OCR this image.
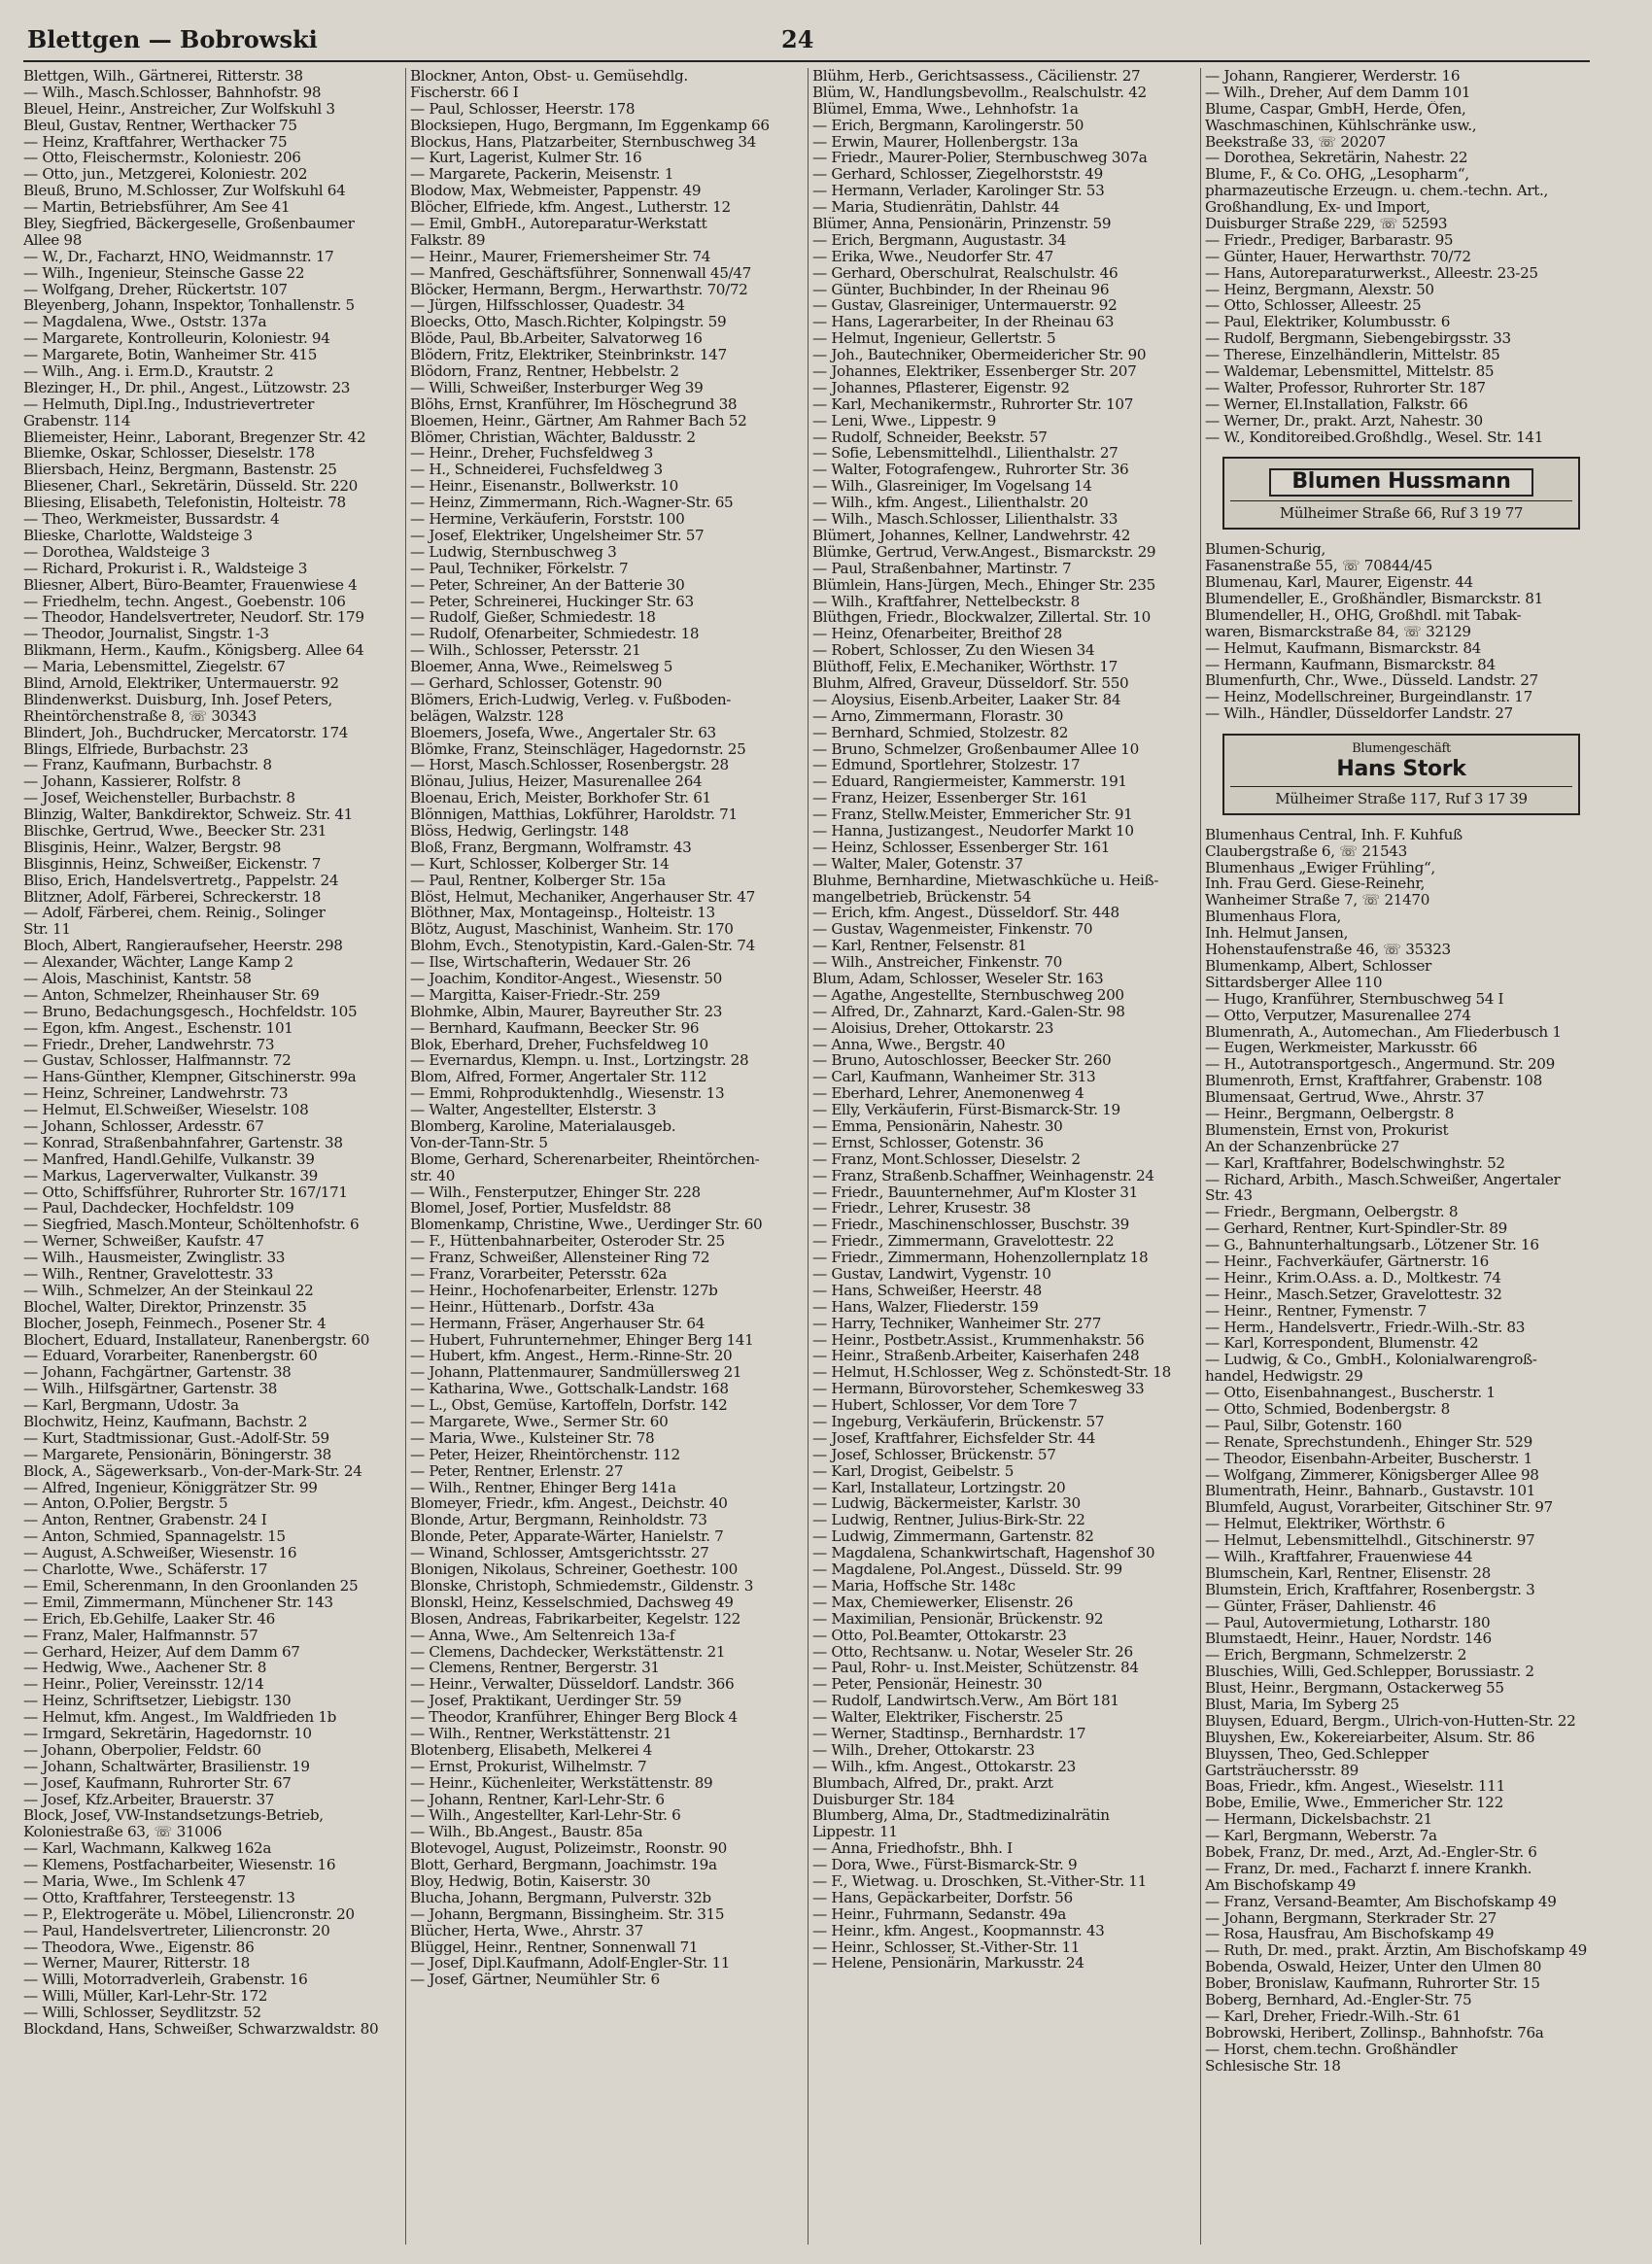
Blettgen — Bobrowski	24
Blettgen, Wilh., Gärtnerei, Ritterstr. 38
— Wilh., Masch.Schlosser, Bahnhofstr. 98
Bleuel, Heinr., Anstreicher, Zur Wolfskuhl 3
Bleul, Gustav, Rentner, Werthacker 75
— Heinz, Kraftfahrer, Werthacker 75
— Otto, Fleischermstr., Koloniestr. 206
— Otto, jun., Metzgerei, Koloniestr. 202
Bleuß, Bruno, M.Schlosser, Zur Wolfskuhl 64
— Martin, Betriebsführer, Am See 41
Bley, Siegfried, Bäckergeselle, Großenbaumer
Allee 98
— W., Dr., Facharzt, HNO, Weidmannstr. 17
— Wilh., Ingenieur, Steinsche Gasse 22
— Wolfgang, Dreher, Rückertstr. 107
Bleyenberg, Johann, Inspektor, Tonhallenstr. 5
— Magdalena, Wwe., Oststr. 137a
— Margarete, Kontrolleurin, Koloniestr. 94
— Margarete, Botin, Wanheimer Str. 415
— Wilh., Ang. i. Erm.D., Krautstr. 2
Blezinger, H., Dr. phil., Angest., Lützowstr. 23
— Helmuth, Dipl.Ing., Industrievertreter
Grabenstr. 114
Bliemeister, Heinr., Laborant, Bregenzer Str. 42
Bliemke, Oskar, Schlosser, Dieselstr. 178
Bliersbach, Heinz, Bergmann, Bastenstr. 25
Bliesener, Charl., Sekretärin, Düsseld. Str. 220
Bliesing, Elisabeth, Telefonistin, Holteistr. 78
— Theo, Werkmeister, Bussardstr. 4
Blieske, Charlotte, Waldsteige 3
— Dorothea, Waldsteige 3
— Richard, Prokurist i. R., Waldsteige 3
Bliesner, Albert, Büro-Beamter, Frauenwiese 4
— Friedhelm, techn. Angest., Goebenstr. 106
— Theodor, Handelsvertreter, Neudorf. Str. 179
— Theodor, Journalist, Singstr. 1-3
Blikmann, Herm., Kaufm., Königsberg. Allee 64
— Maria, Lebensmittel, Ziegelstr. 67
Blind, Arnold, Elektriker, Untermauerstr. 92
Blindenwerkst. Duisburg, Inh. Josef Peters,
Rheintörchenstraße 8, ☏ 30343
Blindert, Joh., Buchdrucker, Mercatorstr. 174
Blings, Elfriede, Burbachstr. 23
— Franz, Kaufmann, Burbachstr. 8
— Johann, Kassierer, Rolfstr. 8
— Josef, Weichensteller, Burbachstr. 8
Blinzig, Walter, Bankdirektor, Schweiz. Str. 41
Blischke, Gertrud, Wwe., Beecker Str. 231
Blisginis, Heinr., Walzer, Bergstr. 98
Blisginnis, Heinz, Schweißer, Eickenstr. 7
Bliso, Erich, Handelsvertretg., Pappelstr. 24
Blitzner, Adolf, Färberei, Schreckerstr. 18
— Adolf, Färberei, chem. Reinig., Solinger
Str. 11
Bloch, Albert, Rangieraufseher, Heerstr. 298
— Alexander, Wächter, Lange Kamp 2
— Alois, Maschinist, Kantstr. 58
— Anton, Schmelzer, Rheinhauser Str. 69
— Bruno, Bedachungsgesch., Hochfeldstr. 105
— Egon, kfm. Angest., Eschenstr. 101
— Friedr., Dreher, Landwehrstr. 73
— Gustav, Schlosser, Halfmannstr. 72
— Hans-Günther, Klempner, Gitschinerstr. 99a
— Heinz, Schreiner, Landwehrstr. 73
— Helmut, El.Schweißer, Wieselstr. 108
— Johann, Schlosser, Ardesstr. 67
— Konrad, Straßenbahnfahrer, Gartenstr. 38
— Manfred, Handl.Gehilfe, Vulkanstr. 39
— Markus, Lagerverwalter, Vulkanstr. 39
— Otto, Schiffsführer, Ruhrorter Str. 167/171
— Paul, Dachdecker, Hochfeldstr. 109
— Siegfried, Masch.Monteur, Schöltenhofstr. 6
— Werner, Schweißer, Kaufstr. 47
— Wilh., Hausmeister, Zwinglistr. 33
— Wilh., Rentner, Gravelottestr. 33
— Wilh., Schmelzer, An der Steinkaul 22
Blochel, Walter, Direktor, Prinzenstr. 35
Blocher, Joseph, Feinmech., Posener Str. 4
Blochert, Eduard, Installateur, Ranenbergstr. 60
— Eduard, Vorarbeiter, Ranenbergstr. 60
— Johann, Fachgärtner, Gartenstr. 38
— Wilh., Hilfsgärtner, Gartenstr. 38
— Karl, Bergmann, Udostr. 3a
Blochwitz, Heinz, Kaufmann, Bachstr. 2
— Kurt, Stadtmissionar, Gust.-Adolf-Str. 59
— Margarete, Pensionärin, Böningerstr. 38
Block, A., Sägewerksarb., Von-der-Mark-Str. 24
— Alfred, Ingenieur, Königgrätzer Str. 99
— Anton, O.Polier, Bergstr. 5
— Anton, Rentner, Grabenstr. 24 I
— Anton, Schmied, Spannagelstr. 15
— August, A.Schweißer, Wiesenstr. 16
— Charlotte, Wwe., Schäferstr. 17
— Emil, Scherenmann, In den Groonlanden 25
— Emil, Zimmermann, Münchener Str. 143
— Erich, Eb.Gehilfe, Laaker Str. 46
— Franz, Maler, Halfmannstr. 57
— Gerhard, Heizer, Auf dem Damm 67
— Hedwig, Wwe., Aachener Str. 8
— Heinr., Polier, Vereinsstr. 12/14
— Heinz, Schriftsetzer, Liebigstr. 130
— Helmut, kfm. Angest., Im Waldfrieden 1b
— Irmgard, Sekretärin, Hagedornstr. 10
— Johann, Oberpolier, Feldstr. 60
— Johann, Schaltwärter, Brasilienstr. 19
— Josef, Kaufmann, Ruhrorter Str. 67
— Josef, Kfz.Arbeiter, Brauerstr. 37
Block, Josef, VW-Instandsetzungs-Betrieb,
Koloniestraße 63, ☏ 31006
— Karl, Wachmann, Kalkweg 162a
— Klemens, Postfacharbeiter, Wiesenstr. 16
— Maria, Wwe., Im Schlenk 47
— Otto, Kraftfahrer, Tersteegenstr. 13
— P., Elektrogeräte u. Möbel, Liliencronstr. 20
— Paul, Handelsvertreter, Liliencronstr. 20
— Theodora, Wwe., Eigenstr. 86
— Werner, Maurer, Ritterstr. 18
— Willi, Motorradverleih, Grabenstr. 16
— Willi, Müller, Karl-Lehr-Str. 172
— Willi, Schlosser, Seydlitzstr. 52
Blockdand, Hans, Schweißer, Schwarzwaldstr. 80
Blockner, Anton, Obst- u. Gemüsehdlg.
Fischerstr. 66 I
— Paul, Schlosser, Heerstr. 178
Blocksiepen, Hugo, Bergmann, Im Eggenkamp 66
Blockus, Hans, Platzarbeiter, Sternbuschweg 34
— Kurt, Lagerist, Kulmer Str. 16
— Margarete, Packerin, Meisenstr. 1
Blodow, Max, Webmeister, Pappenstr. 49
Blöcher, Elfriede, kfm. Angest., Lutherstr. 12
— Emil, GmbH., Autoreparatur-Werkstatt
Falkstr. 89
— Heinr., Maurer, Friemersheimer Str. 74
— Manfred, Geschäftsführer, Sonnenwall 45/47
Blöcker, Hermann, Bergm., Herwarthstr. 70/72
— Jürgen, Hilfsschlosser, Quadestr. 34
Bloecks, Otto, Masch.Richter, Kolpingstr. 59
Blöde, Paul, Bb.Arbeiter, Salvatorweg 16
Blödern, Fritz, Elektriker, Steinbrinkstr. 147
Blödorn, Franz, Rentner, Hebbelstr. 2
— Willi, Schweißer, Insterburger Weg 39
Blöhs, Ernst, Kranführer, Im Höschegrund 38
Bloemen, Heinr., Gärtner, Am Rahmer Bach 52
Blömer, Christian, Wächter, Baldusstr. 2
— Heinr., Dreher, Fuchsfeldweg 3
— H., Schneiderei, Fuchsfeldweg 3
— Heinr., Eisenanstr., Bollwerkstr. 10
— Heinz, Zimmermann, Rich.-Wagner-Str. 65
— Hermine, Verkäuferin, Forststr. 100
— Josef, Elektriker, Ungelsheimer Str. 57
— Ludwig, Sternbuschweg 3
— Paul, Techniker, Förkelstr. 7
— Peter, Schreiner, An der Batterie 30
— Peter, Schreinerei, Huckinger Str. 63
— Rudolf, Gießer, Schmiedestr. 18
— Rudolf, Ofenarbeiter, Schmiedestr. 18
— Wilh., Schlosser, Petersstr. 21
Bloemer, Anna, Wwe., Reimelsweg 5
— Gerhard, Schlosser, Gotenstr. 90
Blömers, Erich-Ludwig, Verleg. v. Fußboden-
belägen, Walzstr. 128
Bloemers, Josefa, Wwe., Angertaler Str. 63
Blömke, Franz, Steinschläger, Hagedornstr. 25
— Horst, Masch.Schlosser, Rosenbergstr. 28
Blönau, Julius, Heizer, Masurenallee 264
Bloenau, Erich, Meister, Borkhofer Str. 61
Blönnigen, Matthias, Lokführer, Haroldstr. 71
Blöss, Hedwig, Gerlingstr. 148
Bloß, Franz, Bergmann, Wolframstr. 43
— Kurt, Schlosser, Kolberger Str. 14
— Paul, Rentner, Kolberger Str. 15a
Blöst, Helmut, Mechaniker, Angerhauser Str. 47
Blöthner, Max, Montageinsp., Holteistr. 13
Blötz, August, Maschinist, Wanheim. Str. 170
Blohm, Evch., Stenotypistin, Kard.-Galen-Str. 74
— Ilse, Wirtschafterin, Wedauer Str. 26
— Joachim, Konditor-Angest., Wiesenstr. 50
— Margitta, Kaiser-Friedr.-Str. 259
Blohmke, Albin, Maurer, Bayreuther Str. 23
— Bernhard, Kaufmann, Beecker Str. 96
Blok, Eberhard, Dreher, Fuchsfeldweg 10
— Evernardus, Klempn. u. Inst., Lortzingstr. 28
Blom, Alfred, Former, Angertaler Str. 112
— Emmi, Rohproduktenhdlg., Wiesenstr. 13
— Walter, Angestellter, Elsterstr. 3
Blomberg, Karoline, Materialausgeb.
Von-der-Tann-Str. 5
Blome, Gerhard, Scherenarbeiter, Rheintörchen-
str. 40
— Wilh., Fensterputzer, Ehinger Str. 228
Blomel, Josef, Portier, Musfeldstr. 88
Blomenkamp, Christine, Wwe., Uerdinger Str. 60
— F., Hüttenbahnarbeiter, Osteroder Str. 25
— Franz, Schweißer, Allensteiner Ring 72
— Franz, Vorarbeiter, Petersstr. 62a
— Heinr., Hochofenarbeiter, Erlenstr. 127b
— Heinr., Hüttenarb., Dorfstr. 43a
— Hermann, Fräser, Angerhauser Str. 64
— Hubert, Fuhrunternehmer, Ehinger Berg 141
— Hubert, kfm. Angest., Herm.-Rinne-Str. 20
— Johann, Plattenmaurer, Sandmüllersweg 21
— Katharina, Wwe., Gottschalk-Landstr. 168
— L., Obst, Gemüse, Kartoffeln, Dorfstr. 142
— Margarete, Wwe., Sermer Str. 60
— Maria, Wwe., Kulsteiner Str. 78
— Peter, Heizer, Rheintörchenstr. 112
— Peter, Rentner, Erlenstr. 27
— Wilh., Rentner, Ehinger Berg 141a
Blomeyer, Friedr., kfm. Angest., Deichstr. 40
Blonde, Artur, Bergmann, Reinholdstr. 73
Blonde, Peter, Apparate-Wärter, Hanielstr. 7
— Winand, Schlosser, Amtsgerichtsstr. 27
Blonigen, Nikolaus, Schreiner, Goethestr. 100
Blonske, Christoph, Schmiedemstr., Gildenstr. 3
Blonskl, Heinz, Kesselschmied, Dachsweg 49
Blosen, Andreas, Fabrikarbeiter, Kegelstr. 122
— Anna, Wwe., Am Seltenreich 13a-f
— Clemens, Dachdecker, Werkstättenstr. 21
— Clemens, Rentner, Bergerstr. 31
— Heinr., Verwalter, Düsseldorf. Landstr. 366
— Josef, Praktikant, Uerdinger Str. 59
— Theodor, Kranführer, Ehinger Berg Block 4
— Wilh., Rentner, Werkstättenstr. 21
Blotenberg, Elisabeth, Melkerei 4
— Ernst, Prokurist, Wilhelmstr. 7
— Heinr., Küchenleiter, Werkstättenstr. 89
— Johann, Rentner, Karl-Lehr-Str. 6
— Wilh., Angestellter, Karl-Lehr-Str. 6
— Wilh., Bb.Angest., Baustr. 85a
Blotevogel, August, Polizeimstr., Roonstr. 90
Blott, Gerhard, Bergmann, Joachimstr. 19a
Bloy, Hedwig, Botin, Kaiserstr. 30
Blucha, Johann, Bergmann, Pulverstr. 32b
— Johann, Bergmann, Bissingheim. Str. 315
Blücher, Herta, Wwe., Ahrstr. 37
Blüggel, Heinr., Rentner, Sonnenwall 71
— Josef, Dipl.Kaufmann, Adolf-Engler-Str. 11
— Josef, Gärtner, Neumühler Str. 6
Blühm, Herb., Gerichtsassess., Cäcilienstr. 27
Blüm, W., Handlungsbevollm., Realschulstr. 42
Blümel, Emma, Wwe., Lehnhofstr. 1a
— Erich, Bergmann, Karolingerstr. 50
— Erwin, Maurer, Hollenbergstr. 13a
— Friedr., Maurer-Polier, Sternbuschweg 307a
— Gerhard, Schlosser, Ziegelhorststr. 49
— Hermann, Verlader, Karolinger Str. 53
— Maria, Studienrätin, Dahlstr. 44
Blümer, Anna, Pensionärin, Prinzenstr. 59
— Erich, Bergmann, Augustastr. 34
— Erika, Wwe., Neudorfer Str. 47
— Gerhard, Oberschulrat, Realschulstr. 46
— Günter, Buchbinder, In der Rheinau 96
— Gustav, Glasreiniger, Untermauerstr. 92
— Hans, Lagerarbeiter, In der Rheinau 63
— Helmut, Ingenieur, Gellertstr. 5
— Joh., Bautechniker, Obermeidericher Str. 90
— Johannes, Elektriker, Essenberger Str. 207
— Johannes, Pflasterer, Eigenstr. 92
— Karl, Mechanikermstr., Ruhrorter Str. 107
— Leni, Wwe., Lippestr. 9
— Rudolf, Schneider, Beekstr. 57
— Sofie, Lebensmittelhdl., Lilienthalstr. 27
— Walter, Fotografengew., Ruhrorter Str. 36
— Wilh., Glasreiniger, Im Vogelsang 14
— Wilh., kfm. Angest., Lilienthalstr. 20
— Wilh., Masch.Schlosser, Lilienthalstr. 33
Blümert, Johannes, Kellner, Landwehrstr. 42
Blümke, Gertrud, Verw.Angest., Bismarckstr. 29
— Paul, Straßenbahner, Martinstr. 7
Blümlein, Hans-Jürgen, Mech., Ehinger Str. 235
— Wilh., Kraftfahrer, Nettelbeckstr. 8
Blüthgen, Friedr., Blockwalzer, Zillertal. Str. 10
— Heinz, Ofenarbeiter, Breithof 28
— Robert, Schlosser, Zu den Wiesen 34
Blüthoff, Felix, E.Mechaniker, Wörthstr. 17
Bluhm, Alfred, Graveur, Düsseldorf. Str. 550
— Aloysius, Eisenb.Arbeiter, Laaker Str. 84
— Arno, Zimmermann, Florastr. 30
— Bernhard, Schmied, Stolzestr. 82
— Bruno, Schmelzer, Großenbaumer Allee 10
— Edmund, Sportlehrer, Stolzestr. 17
— Eduard, Rangiermeister, Kammerstr. 191
— Franz, Heizer, Essenberger Str. 161
— Franz, Stellw.Meister, Emmericher Str. 91
— Hanna, Justizangest., Neudorfer Markt 10
— Heinz, Schlosser, Essenberger Str. 161
— Walter, Maler, Gotenstr. 37
Bluhme, Bernhardine, Mietwaschküche u. Heiß-
mangelbetrieb, Brückenstr. 54
— Erich, kfm. Angest., Düsseldorf. Str. 448
— Gustav, Wagenmeister, Finkenstr. 70
— Karl, Rentner, Felsenstr. 81
— Wilh., Anstreicher, Finkenstr. 70
Blum, Adam, Schlosser, Weseler Str. 163
— Agathe, Angestellte, Sternbuschweg 200
— Alfred, Dr., Zahnarzt, Kard.-Galen-Str. 98
— Aloisius, Dreher, Ottokarstr. 23
— Anna, Wwe., Bergstr. 40
— Bruno, Autoschlosser, Beecker Str. 260
— Carl, Kaufmann, Wanheimer Str. 313
— Eberhard, Lehrer, Anemonenweg 4
— Elly, Verkäuferin, Fürst-Bismarck-Str. 19
— Emma, Pensionärin, Nahestr. 30
— Ernst, Schlosser, Gotenstr. 36
— Franz, Mont.Schlosser, Dieselstr. 2
— Franz, Straßenb.Schaffner, Weinhagenstr. 24
— Friedr., Bauunternehmer, Auf'm Kloster 31
— Friedr., Lehrer, Krusestr. 38
— Friedr., Maschinenschlosser, Buschstr. 39
— Friedr., Zimmermann, Gravelottestr. 22
— Friedr., Zimmermann, Hohenzollernplatz 18
— Gustav, Landwirt, Vygenstr. 10
— Hans, Schweißer, Heerstr. 48
— Hans, Walzer, Fliederstr. 159
— Harry, Techniker, Wanheimer Str. 277
— Heinr., Postbetr.Assist., Krummenhakstr. 56
— Heinr., Straßenb.Arbeiter, Kaiserhafen 248
— Helmut, H.Schlosser, Weg z. Schönstedt-Str. 18
— Hermann, Bürovorsteher, Schemkesweg 33
— Hubert, Schlosser, Vor dem Tore 7
— Ingeburg, Verkäuferin, Brückenstr. 57
— Josef, Kraftfahrer, Eichsfelder Str. 44
— Josef, Schlosser, Brückenstr. 57
— Karl, Drogist, Geibelstr. 5
— Karl, Installateur, Lortzingstr. 20
— Ludwig, Bäckermeister, Karlstr. 30
— Ludwig, Rentner, Julius-Birk-Str. 22
— Ludwig, Zimmermann, Gartenstr. 82
— Magdalena, Schankwirtschaft, Hagenshof 30
— Magdalene, Pol.Angest., Düsseld. Str. 99
— Maria, Hoffsche Str. 148c
— Max, Chemiewerker, Elisenstr. 26
— Maximilian, Pensionär, Brückenstr. 92
— Otto, Pol.Beamter, Ottokarstr. 23
— Otto, Rechtsanw. u. Notar, Weseler Str. 26
— Paul, Rohr- u. Inst.Meister, Schützenstr. 84
— Peter, Pensionär, Heinestr. 30
— Rudolf, Landwirtsch.Verw., Am Bört 181
— Walter, Elektriker, Fischerstr. 25
— Werner, Stadtinsp., Bernhardstr. 17
— Wilh., Dreher, Ottokarstr. 23
— Wilh., kfm. Angest., Ottokarstr. 23
Blumbach, Alfred, Dr., prakt. Arzt
Duisburger Str. 184
Blumberg, Alma, Dr., Stadtmedizinalrätin
Lippestr. 11
— Anna, Friedhofstr., Bhh. I
— Dora, Wwe., Fürst-Bismarck-Str. 9
— F., Wietwag. u. Droschken, St.-Vither-Str. 11
— Hans, Gepäckarbeiter, Dorfstr. 56
— Heinr., Fuhrmann, Sedanstr. 49a
— Heinr., kfm. Angest., Koopmannstr. 43
— Heinr., Schlosser, St.-Vither-Str. 11
— Helene, Pensionärin, Markusstr. 24
— Johann, Rangierer, Werderstr. 16
— Wilh., Dreher, Auf dem Damm 101
Blume, Caspar, GmbH, Herde, Öfen,
Waschmaschinen, Kühlschränke usw.,
Beekstraße 33, ☏ 20207
— Dorothea, Sekretärin, Nahestr. 22
Blume, F., & Co. OHG, „Lesopharm“,
pharmazeutische Erzeugn. u. chem.-techn. Art.,
Großhandlung, Ex- und Import,
Duisburger Straße 229, ☏ 52593
— Friedr., Prediger, Barbarastr. 95
— Günter, Hauer, Herwarthstr. 70/72
— Hans, Autoreparaturwerkst., Alleestr. 23-25
— Heinz, Bergmann, Alexstr. 50
— Otto, Schlosser, Alleestr. 25
— Paul, Elektriker, Kolumbusstr. 6
— Rudolf, Bergmann, Siebengebirgsstr. 33
— Therese, Einzelhändlerin, Mittelstr. 85
— Waldemar, Lebensmittel, Mittelstr. 85
— Walter, Professor, Ruhrorter Str. 187
— Werner, El.Installation, Falkstr. 66
— Werner, Dr., prakt. Arzt, Nahestr. 30
— W., Konditoreibed.Großhdlg., Wesel. Str. 141
Blumen Hussmann
Mülheimer Straße 66, Ruf 3 19 77
Blumen-Schurig,
Fasanenstraße 55, ☏ 70844/45
Blumenau, Karl, Maurer, Eigenstr. 44
Blumendeller, E., Großhändler, Bismarckstr. 81
Blumendeller, H., OHG, Großhdl. mit Tabak-
waren, Bismarckstraße 84, ☏ 32129
— Helmut, Kaufmann, Bismarckstr. 84
— Hermann, Kaufmann, Bismarckstr. 84
Blumenfurth, Chr., Wwe., Düsseld. Landstr. 27
— Heinz, Modellschreiner, Burgeindlanstr. 17
— Wilh., Händler, Düsseldorfer Landstr. 27
Blumengeschäft
Hans Stork
Mülheimer Straße 117, Ruf 3 17 39
Blumenhaus Central, Inh. F. Kuhfuß
Claubergstraße 6, ☏ 21543
Blumenhaus „Ewiger Frühling“,
Inh. Frau Gerd. Giese-Reinehr,
Wanheimer Straße 7, ☏ 21470
Blumenhaus Flora,
Inh. Helmut Jansen,
Hohenstaufenstraße 46, ☏ 35323
Blumenkamp, Albert, Schlosser
Sittardsberger Allee 110
— Hugo, Kranführer, Sternbuschweg 54 I
— Otto, Verputzer, Masurenallee 274
Blumenrath, A., Automechan., Am Fliederbusch 1
— Eugen, Werkmeister, Markusstr. 66
— H., Autotransportgesch., Angermund. Str. 209
Blumenroth, Ernst, Kraftfahrer, Grabenstr. 108
Blumensaat, Gertrud, Wwe., Ahrstr. 37
— Heinr., Bergmann, Oelbergstr. 8
Blumenstein, Ernst von, Prokurist
An der Schanzenbrücke 27
— Karl, Kraftfahrer, Bodelschwinghstr. 52
— Richard, Arbith., Masch.Schweißer, Angertaler
Str. 43
— Friedr., Bergmann, Oelbergstr. 8
— Gerhard, Rentner, Kurt-Spindler-Str. 89
— G., Bahnunterhaltungsarb., Lötzener Str. 16
— Heinr., Fachverkäufer, Gärtnerstr. 16
— Heinr., Krim.O.Ass. a. D., Moltkestr. 74
— Heinr., Masch.Setzer, Gravelottestr. 32
— Heinr., Rentner, Fymenstr. 7
— Herm., Handelsvertr., Friedr.-Wilh.-Str. 83
— Karl, Korrespondent, Blumenstr. 42
— Ludwig, & Co., GmbH., Kolonialwarengroß-
handel, Hedwigstr. 29
— Otto, Eisenbahnangest., Buscherstr. 1
— Otto, Schmied, Bodenbergstr. 8
— Paul, Silbr, Gotenstr. 160
— Renate, Sprechstundenh., Ehinger Str. 529
— Theodor, Eisenbahn-Arbeiter, Buscherstr. 1
— Wolfgang, Zimmerer, Königsberger Allee 98
Blumentrath, Heinr., Bahnarb., Gustavstr. 101
Blumfeld, August, Vorarbeiter, Gitschiner Str. 97
— Helmut, Elektriker, Wörthstr. 6
— Helmut, Lebensmittelhdl., Gitschinerstr. 97
— Wilh., Kraftfahrer, Frauenwiese 44
Blumschein, Karl, Rentner, Elisenstr. 28
Blumstein, Erich, Kraftfahrer, Rosenbergstr. 3
— Günter, Fräser, Dahlienstr. 46
— Paul, Autovermietung, Lotharstr. 180
Blumstaedt, Heinr., Hauer, Nordstr. 146
— Erich, Bergmann, Schmelzerstr. 2
Bluschies, Willi, Ged.Schlepper, Borussiastr. 2
Blust, Heinr., Bergmann, Ostackerweg 55
Blust, Maria, Im Syberg 25
Bluysen, Eduard, Bergm., Ulrich-von-Hutten-Str. 22
Bluyshen, Ew., Kokereiarbeiter, Alsum. Str. 86
Bluyssen, Theo, Ged.Schlepper
Gartsträuchersstr. 89
Boas, Friedr., kfm. Angest., Wieselstr. 111
Bobe, Emilie, Wwe., Emmericher Str. 122
— Hermann, Dickelsbachstr. 21
— Karl, Bergmann, Weberstr. 7a
Bobek, Franz, Dr. med., Arzt, Ad.-Engler-Str. 6
— Franz, Dr. med., Facharzt f. innere Krankh.
Am Bischofskamp 49
— Franz, Versand-Beamter, Am Bischofskamp 49
— Johann, Bergmann, Sterkrader Str. 27
— Rosa, Hausfrau, Am Bischofskamp 49
— Ruth, Dr. med., prakt. Ärztin, Am Bischofskamp 49
Bobenda, Oswald, Heizer, Unter den Ulmen 80
Bober, Bronislaw, Kaufmann, Ruhrorter Str. 15
Boberg, Bernhard, Ad.-Engler-Str. 75
— Karl, Dreher, Friedr.-Wilh.-Str. 61
Bobrowski, Heribert, Zollinsp., Bahnhofstr. 76a
— Horst, chem.techn. Großhändler
Schlesische Str. 18
